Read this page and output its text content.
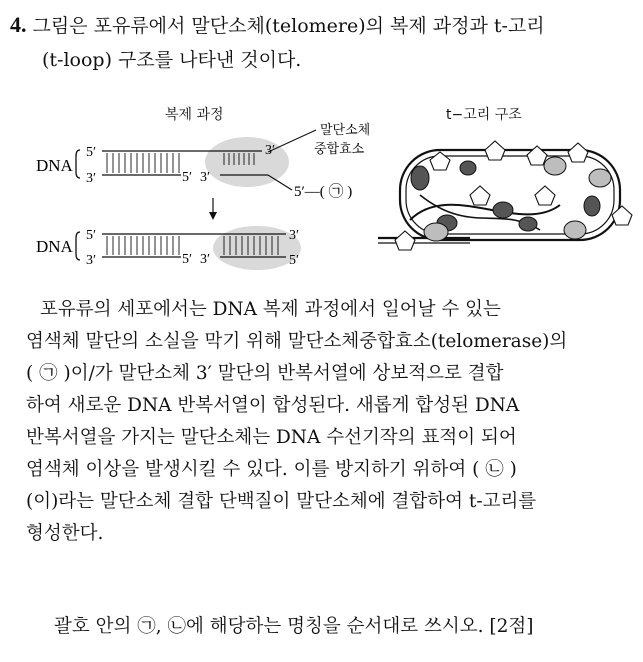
4. 그림은 포유류에서 말단소체(telomere)의 복제 과정과 t-고리
(t-loop) 구조를 나타낸 것이다.
복제 과정	t−고리 구조
DNA
5′
3′	5′ 3′
3′
말단소체
중합효소
5′—( ㉠ )
DNA
5′
3′	5′ 3′
3′
5′

포유류의 세포에서는 DNA 복제 과정에서 일어날 수 있는

염색체 말단의 소실을 막기 위해 말단소체중합효소(telomerase)의

( ㉠ )이/가 말단소체 3′ 말단의 반복서열에 상보적으로 결합

하여 새로운 DNA 반복서열이 합성된다. 새롭게 합성된 DNA

반복서열을 가지는 말단소체는 DNA 수선기작의 표적이 되어

염색체 이상을 발생시킬 수 있다. 이를 방지하기 위하여 ( ㉡ )

(이)라는 말단소체 결합 단백질이 말단소체에 결합하여 t-고리를

형성한다.

괄호 안의 ㉠, ㉡에 해당하는 명칭을 순서대로 쓰시오. [2점]
